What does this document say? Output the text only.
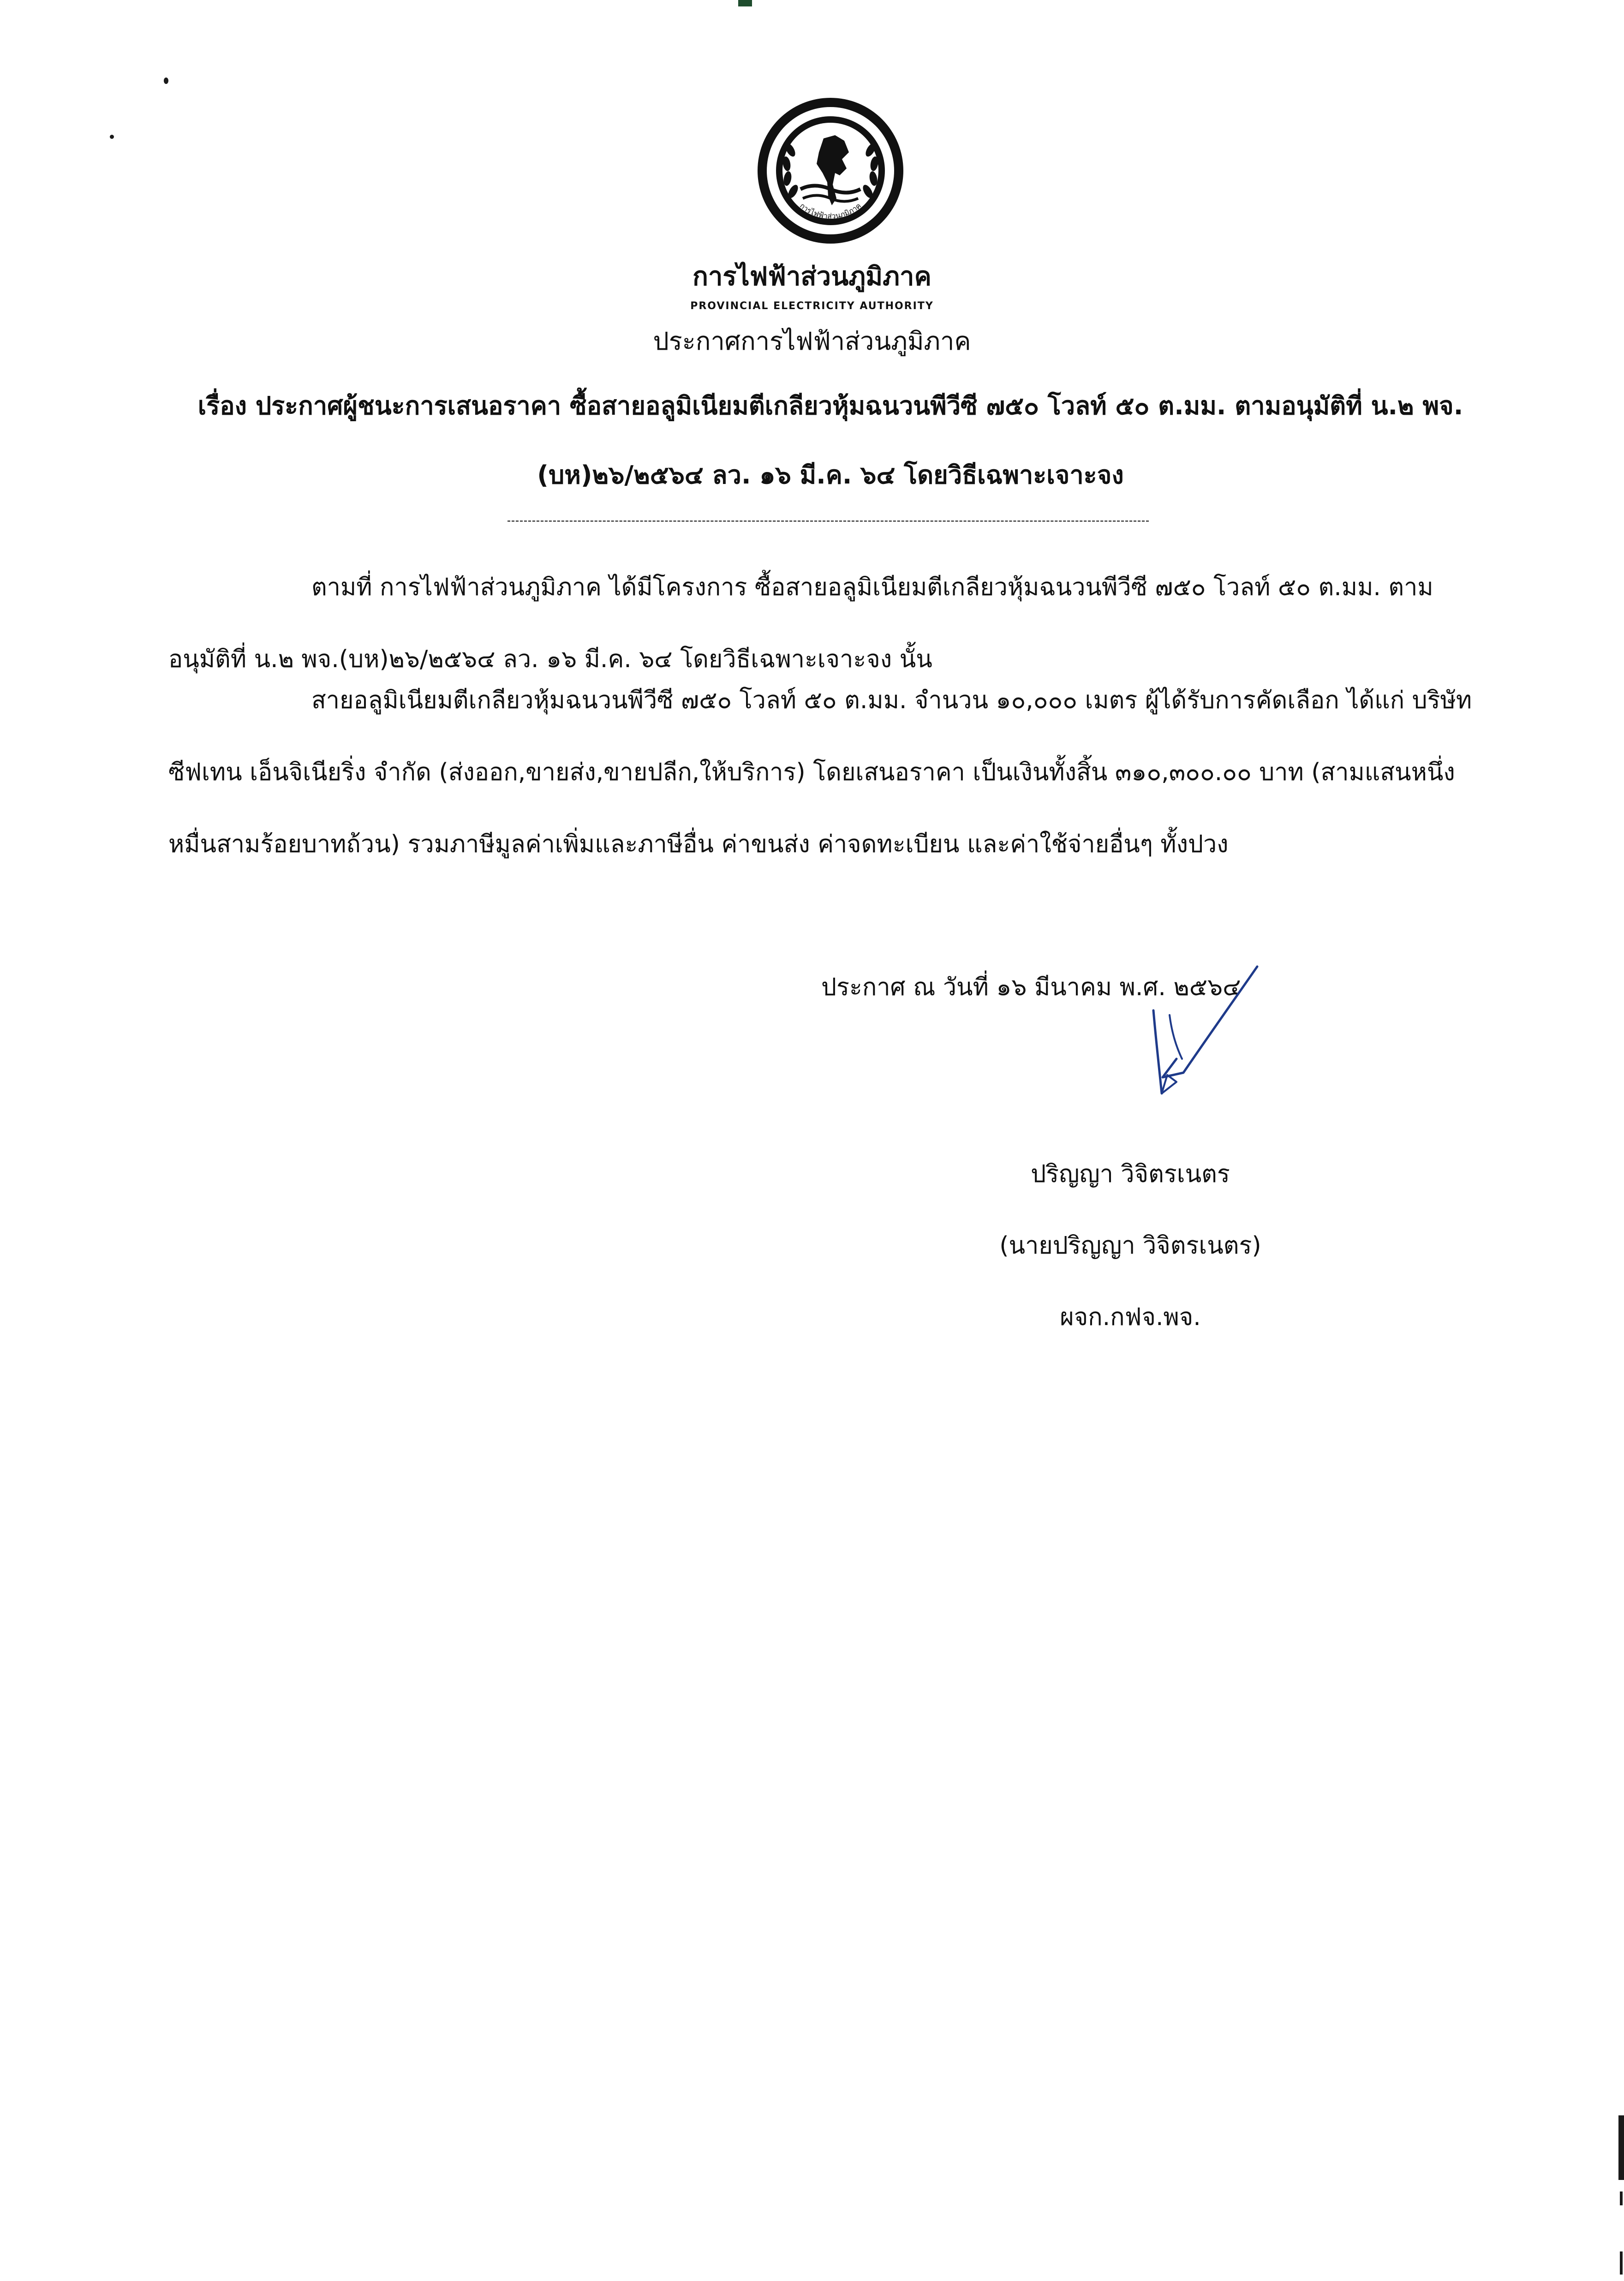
การไฟฟ้าส่วนภูมิภาค
การไฟฟ้าส่วนภูมิภาค
PROVINCIAL ELECTRICITY AUTHORITY
ประกาศการไฟฟ้าส่วนภูมิภาค
เรื่อง ประกาศผู้ชนะการเสนอราคา ซื้อสายอลูมิเนียมตีเกลียวหุ้มฉนวนพีวีซี ๗๕๐ โวลท์ ๕๐ ต.มม. ตามอนุมัติที่ น.๒ พจ.(บห)๒๖/๒๕๖๔ ลว. ๑๖ มี.ค. ๖๔ โดยวิธีเฉพาะเจาะจง
ตามที่ การไฟฟ้าส่วนภูมิภาค ได้มีโครงการ ซื้อสายอลูมิเนียมตีเกลียวหุ้มฉนวนพีวีซี ๗๕๐ โวลท์ ๕๐ ต.มม. ตามอนุมัติที่ น.๒ พจ.(บห)๒๖/๒๕๖๔ ลว. ๑๖ มี.ค. ๖๔ โดยวิธีเฉพาะเจาะจง นั้น
สายอลูมิเนียมตีเกลียวหุ้มฉนวนพีวีซี ๗๕๐ โวลท์ ๕๐ ต.มม. จำนวน ๑๐,๐๐๐ เมตร ผู้ได้รับการคัดเลือก ได้แก่ บริษัท ซีฟเทน เอ็นจิเนียริ่ง จำกัด (ส่งออก,ขายส่ง,ขายปลีก,ให้บริการ) โดยเสนอราคา เป็นเงินทั้งสิ้น ๓๑๐,๓๐๐.๐๐ บาท (สามแสนหนึ่งหมื่นสามร้อยบาทถ้วน) รวมภาษีมูลค่าเพิ่มและภาษีอื่น ค่าขนส่ง ค่าจดทะเบียน และค่าใช้จ่ายอื่นๆ ทั้งปวง
ประกาศ ณ วันที่ ๑๖ มีนาคม พ.ศ. ๒๕๖๔
ปริญญา วิจิตรเนตร
(นายปริญญา วิจิตรเนตร)
ผจก.กฟจ.พจ.
